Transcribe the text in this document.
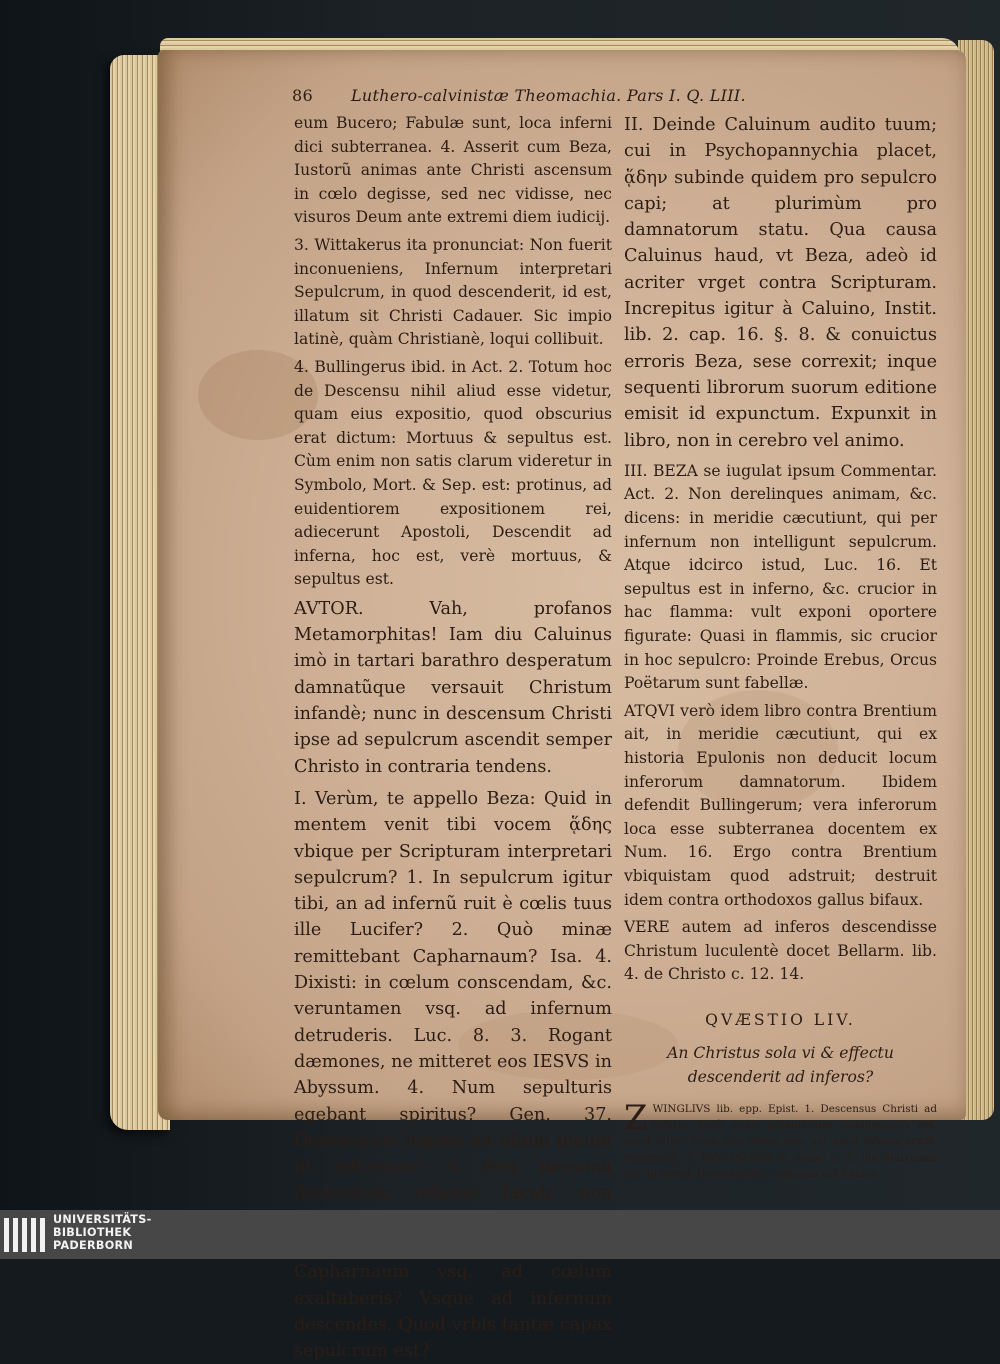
86 Luthero-calvinistæ Theomachia. Pars I. Q. LIII.

eum Bucero; Fabulæ sunt, loca inferni dici subterranea. 4. Asserit cum Beza, Iustorũ animas ante Christi ascensum in cœlo degisse, sed nec vidisse, nec visuros Deum ante extremi diem iudicij.

3. Wittakerus ita pronunciat: Non fuerit inconueniens, Infernum interpretari Sepulcrum, in quod descenderit, id est, illatum sit Christi Cadauer. Sic impio latinè, quàm Christianè, loqui collibuit.

4. Bullingerus ibid. in Act. 2. Totum hoc de Descensu nihil aliud esse videtur, quam eius expositio, quod obscurius erat dictum: Mortuus & sepultus est. Cùm enim non satis clarum videretur in Symbolo, Mort. & Sep. est: protinus, ad euidentiorem expositionem rei, adiecerunt Apostoli, Descendit ad inferna, hoc est, verè mortuus, & sepultus est.

AVTOR. Vah, profanos Metamorphitas! Iam diu Caluinus imò in tartari barathro desperatum damnatũque versauit Christum infandè; nunc in descensum Christi ipse ad sepulcrum ascendit semper Christo in contraria tendens.

I. Verùm, te appello Beza: Quid in mentem venit tibi vocem ᾅδης vbique per Scripturam interpretari sepulcrum? 1. In sepulcrum igitur tibi, an ad infernũ ruit è cœlis tuus ille Lucifer? 2. Quò minæ remittebant Capharnaum? Isa. 4. Dixisti: in cœlum conscendam, &c. veruntamen vsq. ad infernum detruderis. Luc. 8. 3. Rogant dæmones, ne mitteret eos IESVS in Abyssum. 4. Num sepulturis egebant spiritus? Gen. 37. Descendam lugens ad filium meum in infernum? A fera pessima deuoratum rebatur Iacob: non Capharnaum vsq. ad cœlum exaltaberis? Vsque ad infernum descendes. Quod vrbis tantæ capax sepulcrum est?

II. Deinde Caluinum audito tuum; cui in Psychopannychia placet, ᾅδην subinde quidem pro sepulcro capi; at plurimùm pro damnatorum statu. Qua causa Caluinus haud, vt Beza, adeò id acriter vrget contra Scripturam. Increpitus igitur à Caluino, Instit. lib. 2. cap. 16. §. 8. & conuictus erroris Beza, sese correxit; inque sequenti librorum suorum editione emisit id expunctum. Expunxit in libro, non in cerebro vel animo.

III. BEZA se iugulat ipsum Commentar. Act. 2. Non derelinques animam, &c. dicens: in meridie cæcutiunt, qui per infernum non intelligunt sepulcrum. Atque idcirco istud, Luc. 16. Et sepultus est in inferno, &c. crucior in hac flamma: vult exponi oportere figurate: Quasi in flammis, sic crucior in hoc sepulcro: Proinde Erebus, Orcus Poëtarum sunt fabellæ.

ATQVI verò idem libro contra Brentium ait, in meridie cæcutiunt, qui ex historia Epulonis non deducit locum inferorum damnatorum. Ibidem defendit Bullingerum; vera inferorum loca esse subterranea docentem ex Num. 16. Ergo contra Brentium vbiquistam quod adstruit; destruit idem contra orthodoxos gallus bifaux.

VERE autem ad inferos descendisse Christum luculentè docet Bellarm. lib. 4. de Christo c. 12. 14.

QVÆSTIO LIV.
An Christus sola vi & effectu descenderit ad inferos?
Z WINGLIVS lib. epp. Epist. 1. Descensus Christi ad inferos fortè quasi potentialiter intelligendus est, quod scilic. mors eius etiam eos, qui apud inferos erant, redemerit. 2. BVLLINGERI in Actor. c. 2. illa diatyposis est. In verbo, Descendendi, capienda est Enalla-
UNIVERSITÄTS-
BIBLIOTHEK
PADERBORN
